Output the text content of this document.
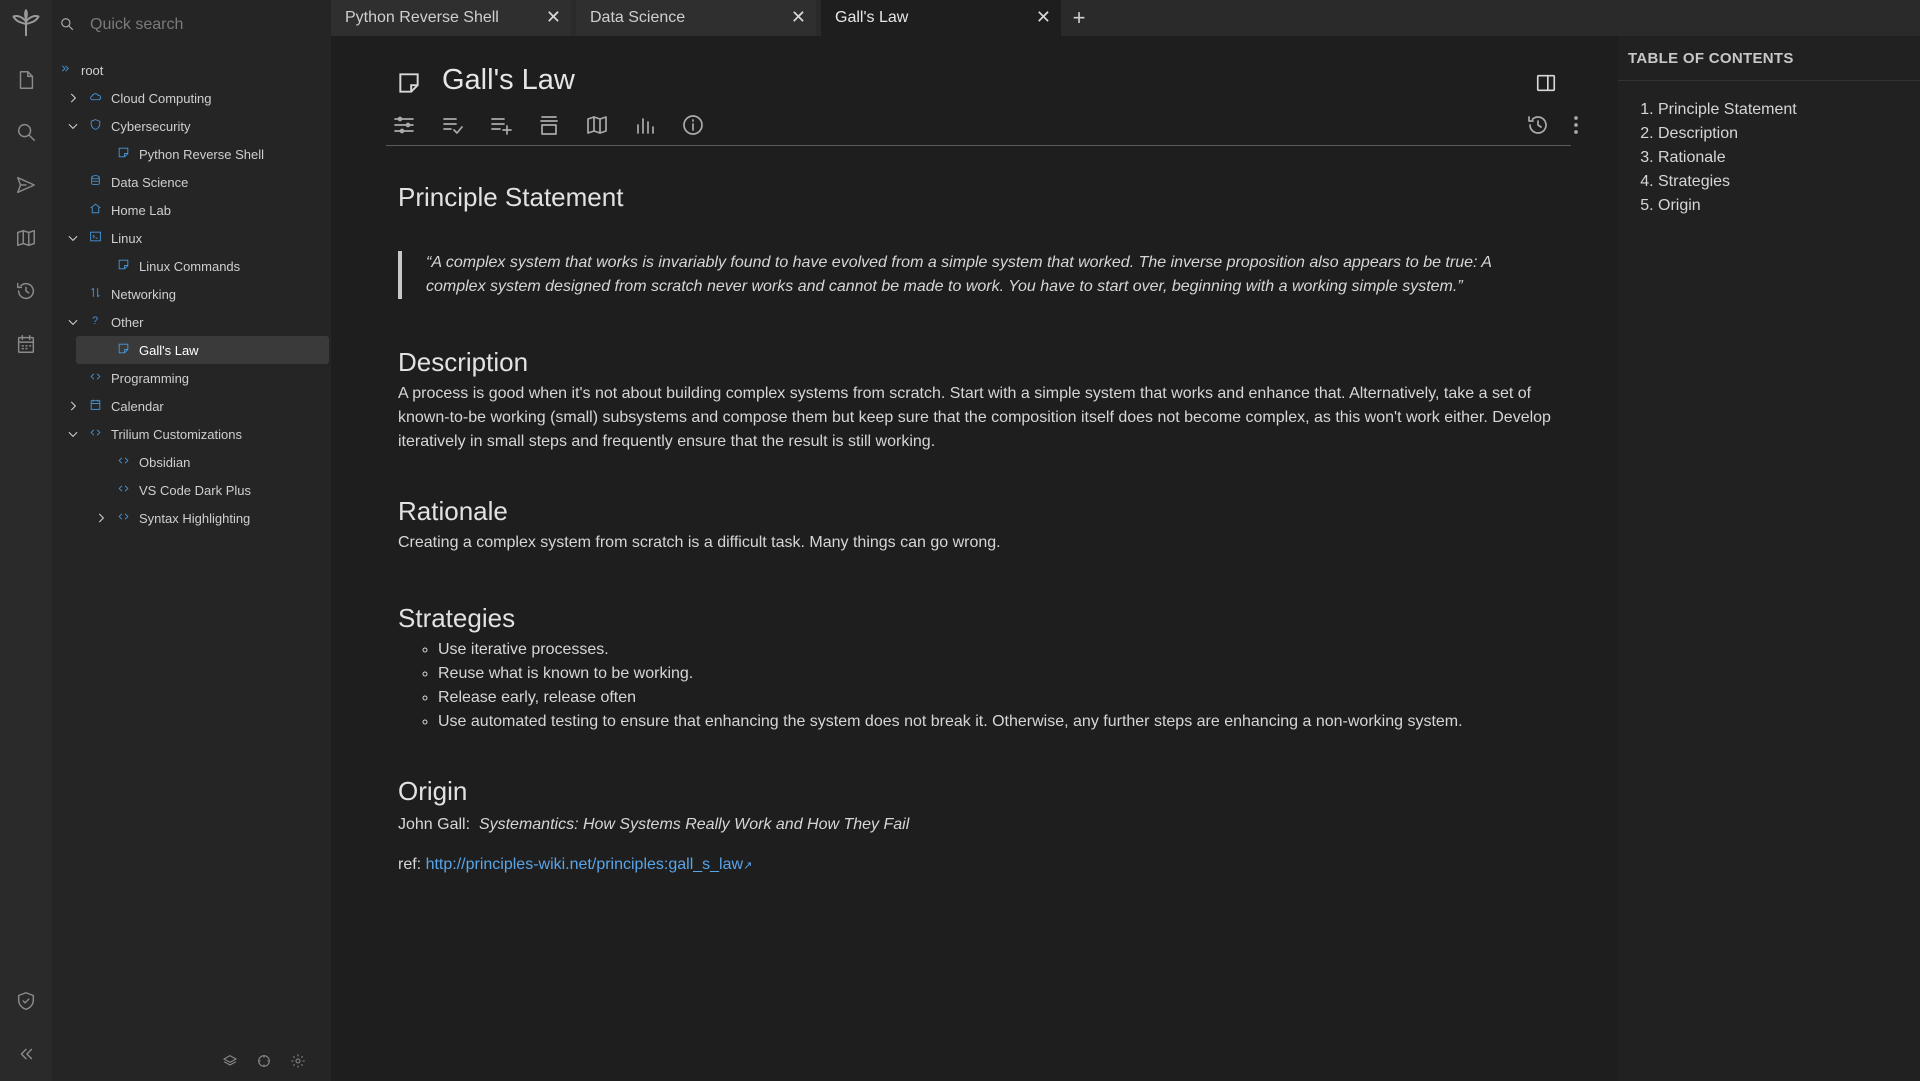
Quick search
root
Cloud Computing
Cybersecurity
Python Reverse Shell
Data Science
Home Lab
Linux
Linux Commands
Networking
? Other
Gall's Law
Programming
Calendar
Trilium Customizations
Obsidian
VS Code Dark Plus
Syntax Highlighting
Python Reverse Shell	✕ Data Science	✕ Gall's Law	✕ +
Gall's Law
Principle Statement
“A complex system that works is invariably found to have evolved from a simple system that worked. The inverse proposition also appears to be true: A complex system designed from scratch never works and cannot be made to work. You have to start over, beginning with a working simple system.”
Description

A process is good when it's not about building complex systems from scratch. Start with a simple system that works and enhance that. Alternatively, take a set of known-to-be working (small) subsystems and compose them but keep sure that the composition itself does not become complex, as this won't work either. Develop iteratively in small steps and frequently ensure that the result is still working.

Rationale

Creating a complex system from scratch is a difficult task. Many things can go wrong.

Strategies
◦ Use iterative processes.
◦ Reuse what is known to be working.
◦ Release early, release often
◦ Use automated testing to ensure that enhancing the system does not break it. Otherwise, any further steps are enhancing a non-working system.
Origin

John Gall: Systemantics: How Systems Really Work and How They Fail

ref: http://principles-wiki.net/principles:gall_s_law↗

TABLE OF CONTENTS
1. Principle Statement
2. Description
3. Rationale
4. Strategies
5. Origin
